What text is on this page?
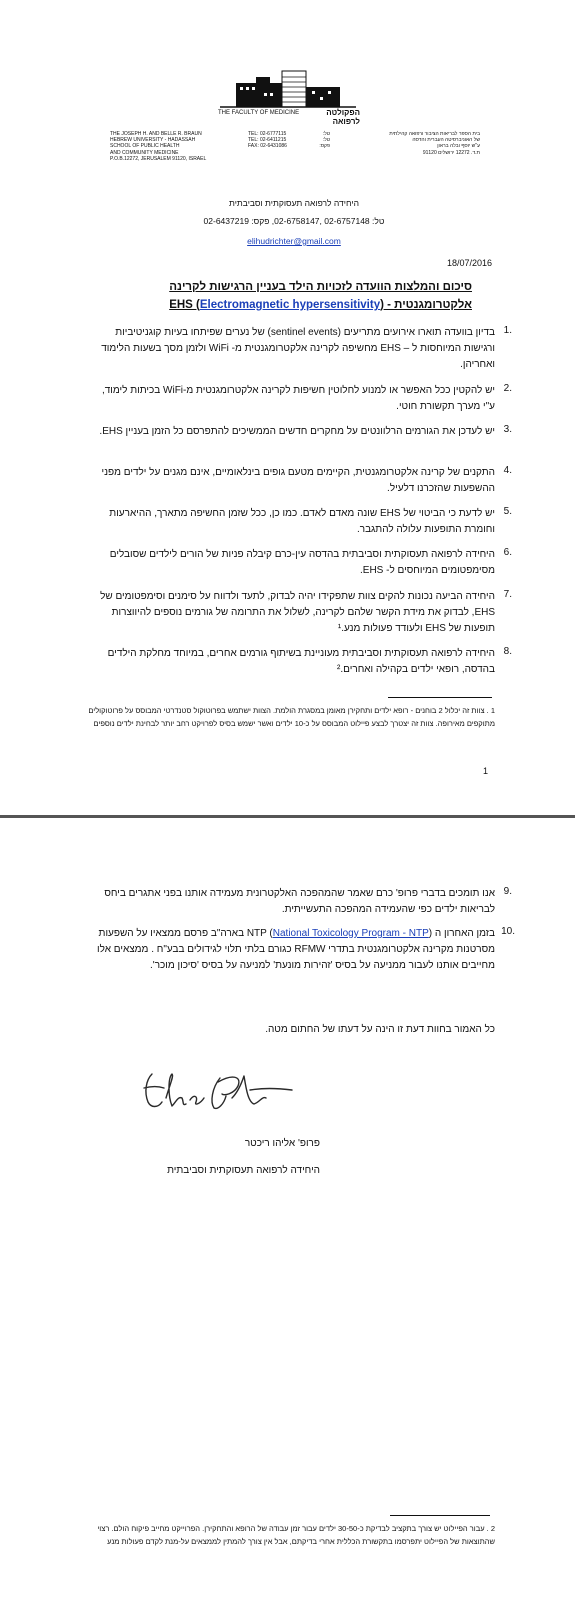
THE FACULTY OF MEDICINE	הפקולטה לרפואה
THE JOSEPH H. AND BELLE R. BRAUN
HEBREW UNIVERSITY - HADASSAH
SCHOOL OF PUBLIC HEALTH
AND COMMUNITY MEDICINE
P.O.B.12272, JERUSALEM 91120, ISRAEL
TEL: 02-6777115
TEL: 02-6411215
FAX: 02-6431086
טל:
טל:
פקס:
בית הספר לבריאות הציבור ורפואה קהילתית
של האוניברסיטה העברית והדסה
ע"ש יוסף ובלה בראון
ת.ד. 12272 ירושלים 91120
היחידה לרפואה תעסוקתית וסביבתית
טל: 02-6757148 ,02-6758147, פקס: 02-6437219
elihudrichter@gmail.com
18/07/2016
סיכום והמלצות הוועדה לזכויות הילד בעניין הרגישות לקרינה
אלקטרומגנטית - EHS (Electromagnetic hypersensitivity)
1.
בדיון בוועדה תוארו אירועים מתריעים (sentinel events) של נערים שפיתחו בעיות קוגניטיביות ורגישות המיוחסות ל – EHS מחשיפה לקרינה אלקטרומגנטית מ- WiFi ולזמן מסך בשעות הלימוד ואחריהן.
2.
יש להקטין ככל האפשר או למנוע לחלוטין חשיפות לקרינה אלקטרומגנטית מ-WiFi בכיתות לימוד, ע"י מערך תקשורת חוטי.
3.
יש לעדכן את הגורמים הרלוונטים על מחקרים חדשים הממשיכים להתפרסם כל הזמן בעניין EHS.
4.
התקנים של קרינה אלקטרומגנטית, הקיימים מטעם גופים בינלאומיים, אינם מגנים על ילדים מפני ההשפעות שהזכרנו דלעיל.
5.
יש לדעת כי הביטוי של EHS שונה מאדם לאדם. כמו כן, ככל שזמן החשיפה מתארך, ההיארעות וחומרת התופעות עלולה להתגבר.
6.
היחידה לרפואה תעסוקתית וסביבתית בהדסה עין-כרם קיבלה פניות של הורים לילדים שסובלים מסימפטומים המיוחסים ל- EHS.
7.
היחידה הביעה נכונות להקים צוות שתפקידו יהיה לבדוק, לתעד ולדווח על סימנים וסימפטומים של EHS, לבדוק את מידת הקשר שלהם לקרינה, לשלול את התרומה של גורמים נוספים להיווצרות תופעות של EHS ולעודד פעולות מנע.¹
8.
היחידה לרפואה תעסוקתית וסביבתית מעוניינת בשיתוף גורמים אחרים, במיוחד מחלקת הילדים בהדסה, רופאי ילדים בקהילה ואחרים.²
1 . צוות זה יכלול 2 בוחנים - רופא ילדים ותחקירן מאומן במסגרת הולמת. הצוות ישתמש בפרוטוקול סטנדרטי המבוסס על פרוטוקולים מתוקפים מאירופה. צוות זה יצטרך לבצע פיילוט המבוסס על כ-10 ילדים ואשר ישמש בסיס לפרויקט רחב יותר לבחינת ילדים נוספים
1
9.
אנו תומכים בדברי פרופ' כרם שאמר שהמהפכה האלקטרונית מעמידה אותנו בפני אתגרים ביחס לבריאות ילדים כפי שהעמידה המהפכה התעשייתית.
10.
בזמן האחרון ה NTP (National Toxicology Program - NTP) בארה"ב פרסם ממצאיו על השפעות מסרטנות מקרינה אלקטרומגנטית בתדרי RFMW כגורם בלתי תלוי לגידולים בבע"ח . ממצאים אלו מחייבים אותנו לעבור ממניעה על בסיס 'זהירות מונעת' למניעה על בסיס 'סיכון מוכר'.
כל האמור בחוות דעת זו הינה על דעתו של החתום מטה.
פרופ' אליהו ריכטר
היחידה לרפואה תעסוקתית וסביבתית
2 . עבור הפיילוט יש צורך בתקציב לבדיקת כ-30-50 ילדים עבור זמן עבודה של הרופא והתחקירן. הפרוייקט מחייב פיקוח הולם. רצוי שהתוצאות של הפיילוט יתפרסמו בתקשורת הכללית אחרי בדיקתם, אבל אין צורך להמתין לממצאים על-מנת לקדם פעולות מנע
